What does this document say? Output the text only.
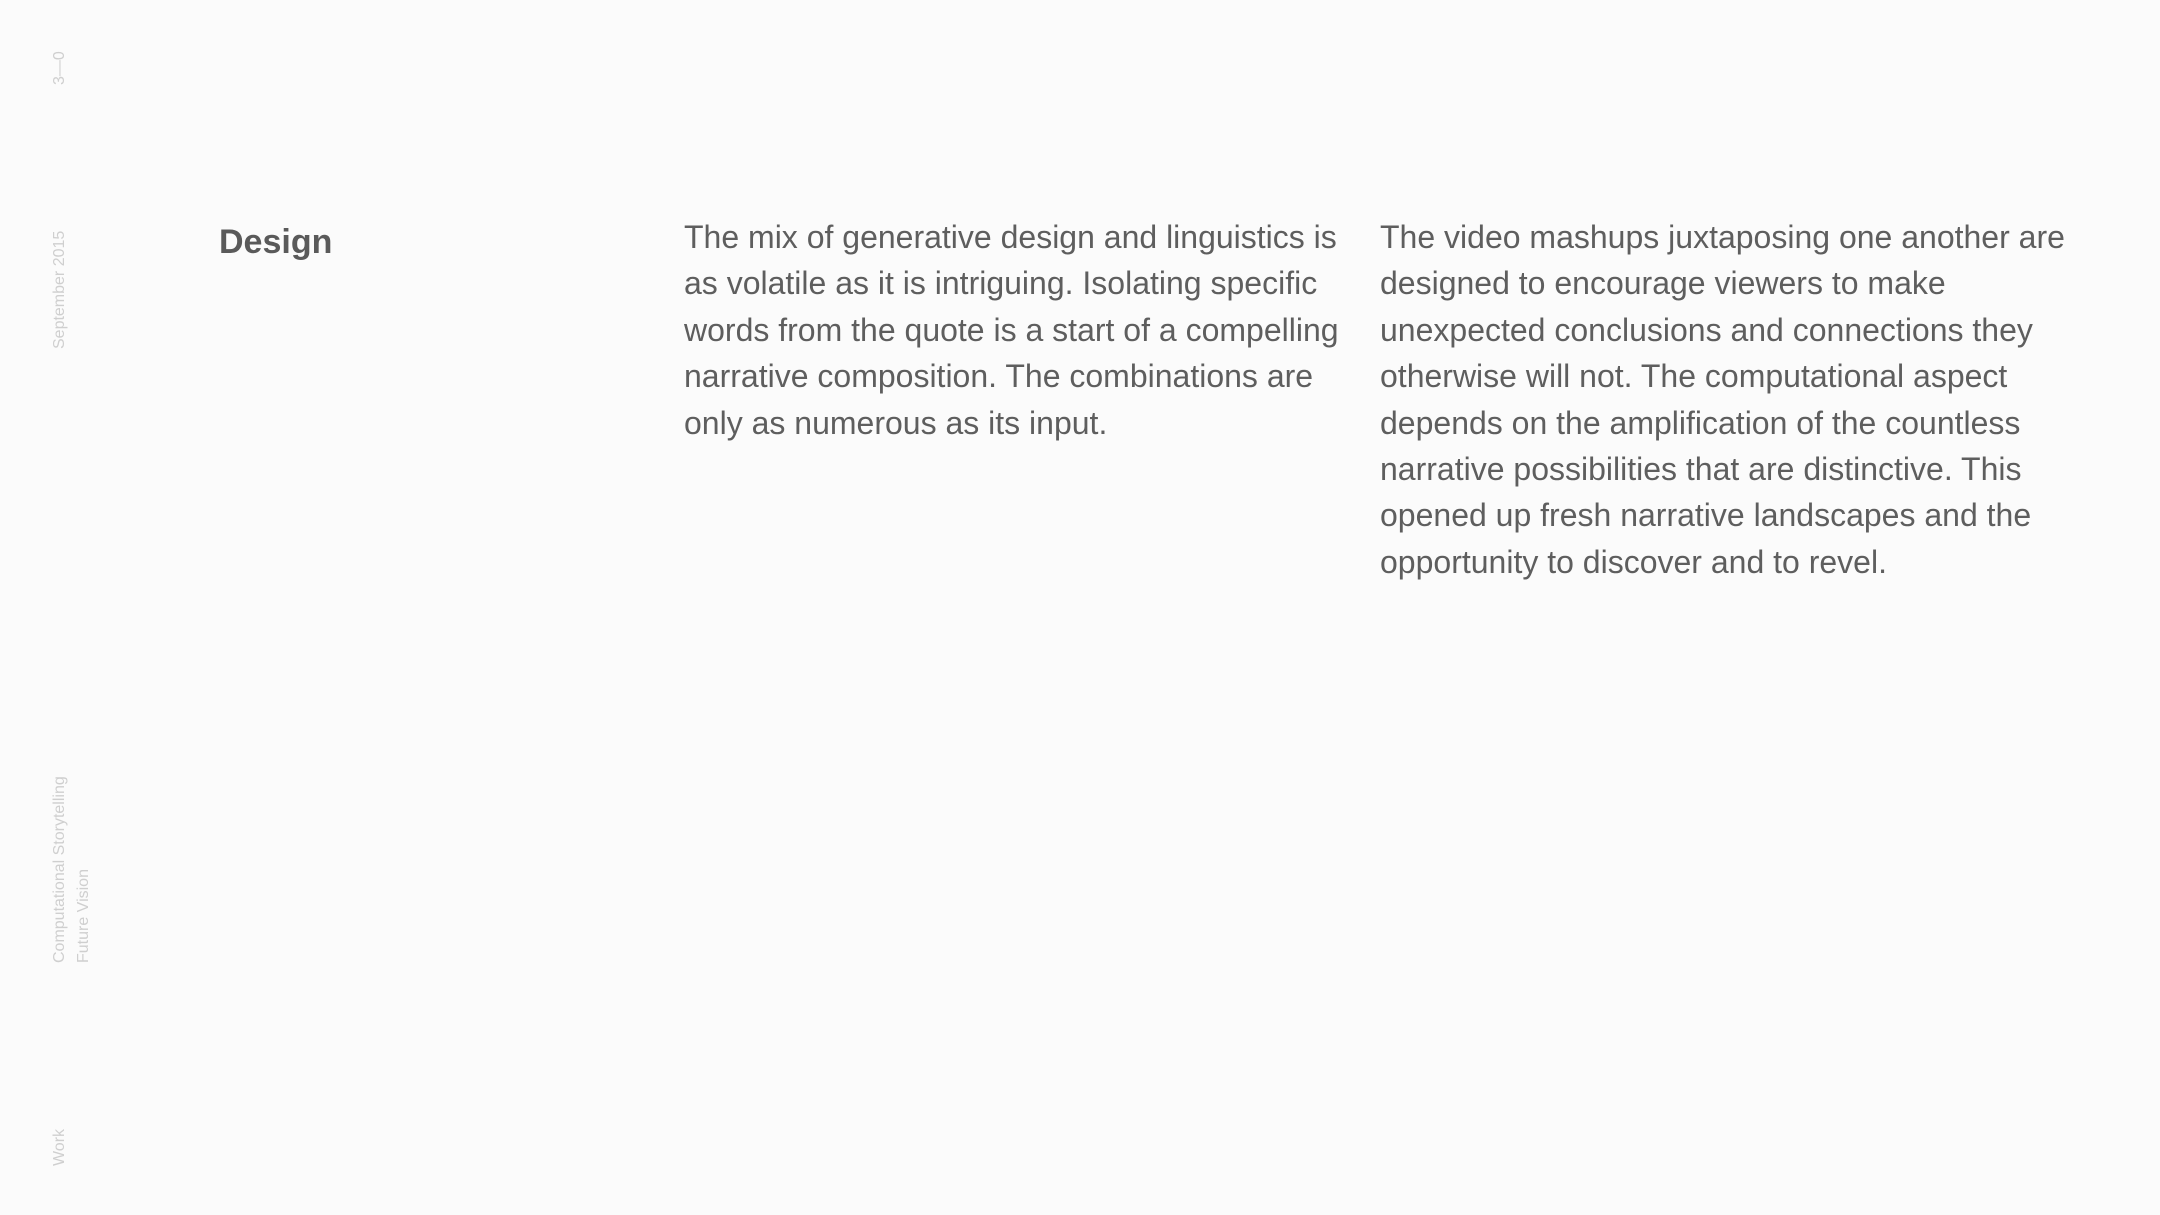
3—0
September 2015
Computational Storytelling Future Vision
Work
Design	The mix of generative design and linguistics is as volatile as it is intriguing. Isolating specific words from the quote is a start of a compelling narrative composition. The combinations are only as numerous as its input.

The video mashups juxtaposing one another are designed to encourage viewers to make unexpected conclusions and connections they otherwise will not. The computational aspect depends on the amplification of the countless narrative possibilities that are distinctive. This opened up fresh narrative landscapes and the opportunity to discover and to revel.
